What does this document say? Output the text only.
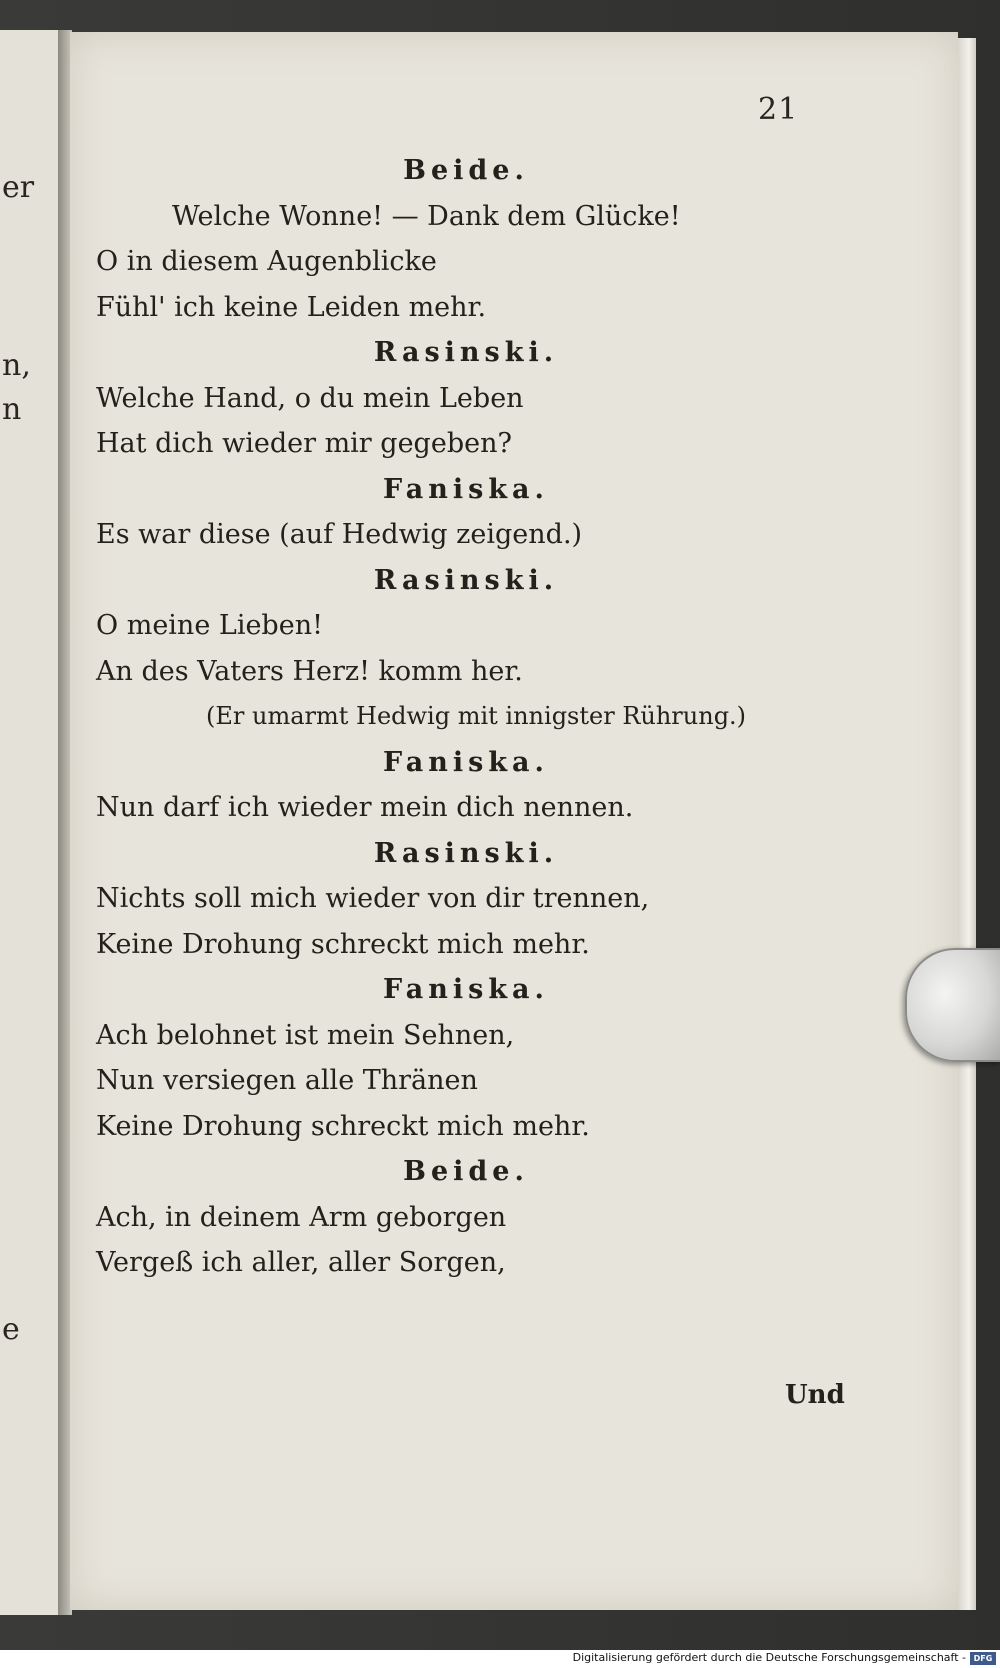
er
n,
n
e
21
Beide.
Welche Wonne! — Dank dem Glücke!
O in diesem Augenblicke
Fühl' ich keine Leiden mehr.
Rasinski.
Welche Hand, o du mein Leben
Hat dich wieder mir gegeben?
Faniska.
Es war diese (auf Hedwig zeigend.)
Rasinski.
O meine Lieben!
An des Vaters Herz! komm her.
(Er umarmt Hedwig mit innigster Rührung.)
Faniska.
Nun darf ich wieder mein dich nennen.
Rasinski.
Nichts soll mich wieder von dir trennen,
Keine Drohung schreckt mich mehr.
Faniska.
Ach belohnet ist mein Sehnen,
Nun versiegen alle Thränen
Keine Drohung schreckt mich mehr.
Beide.
Ach, in deinem Arm geborgen
Vergeß ich aller, aller Sorgen,
Und
Digitalisierung gefördert durch die Deutsche Forschungsgemeinschaft - DFG
